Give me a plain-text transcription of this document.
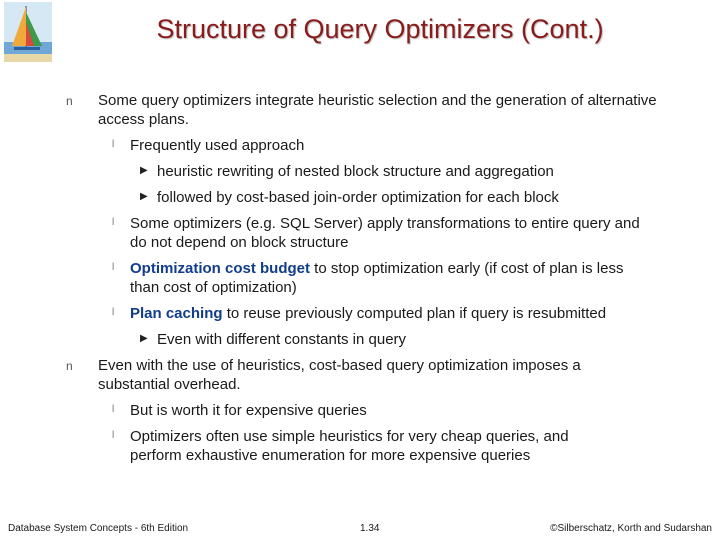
Structure of Query Optimizers (Cont.)
n Some query optimizers integrate heuristic selection and the generation of alternative access plans.
l Frequently used approach
▶ heuristic rewriting of nested block structure and aggregation
▶ followed by cost-based join-order optimization for each block
l Some optimizers (e.g. SQL Server) apply transformations to entire query and do not depend on block structure
l Optimization cost budget to stop optimization early (if cost of plan is less than cost of optimization)
l Plan caching to reuse previously computed plan if query is resubmitted
▶ Even with different constants in query
n Even with the use of heuristics, cost-based query optimization imposes a substantial overhead.
l But is worth it for expensive queries
l Optimizers often use simple heuristics for very cheap queries, and perform exhaustive enumeration for more expensive queries
Database System Concepts - 6th Edition	1.34	©Silberschatz, Korth and Sudarshan
